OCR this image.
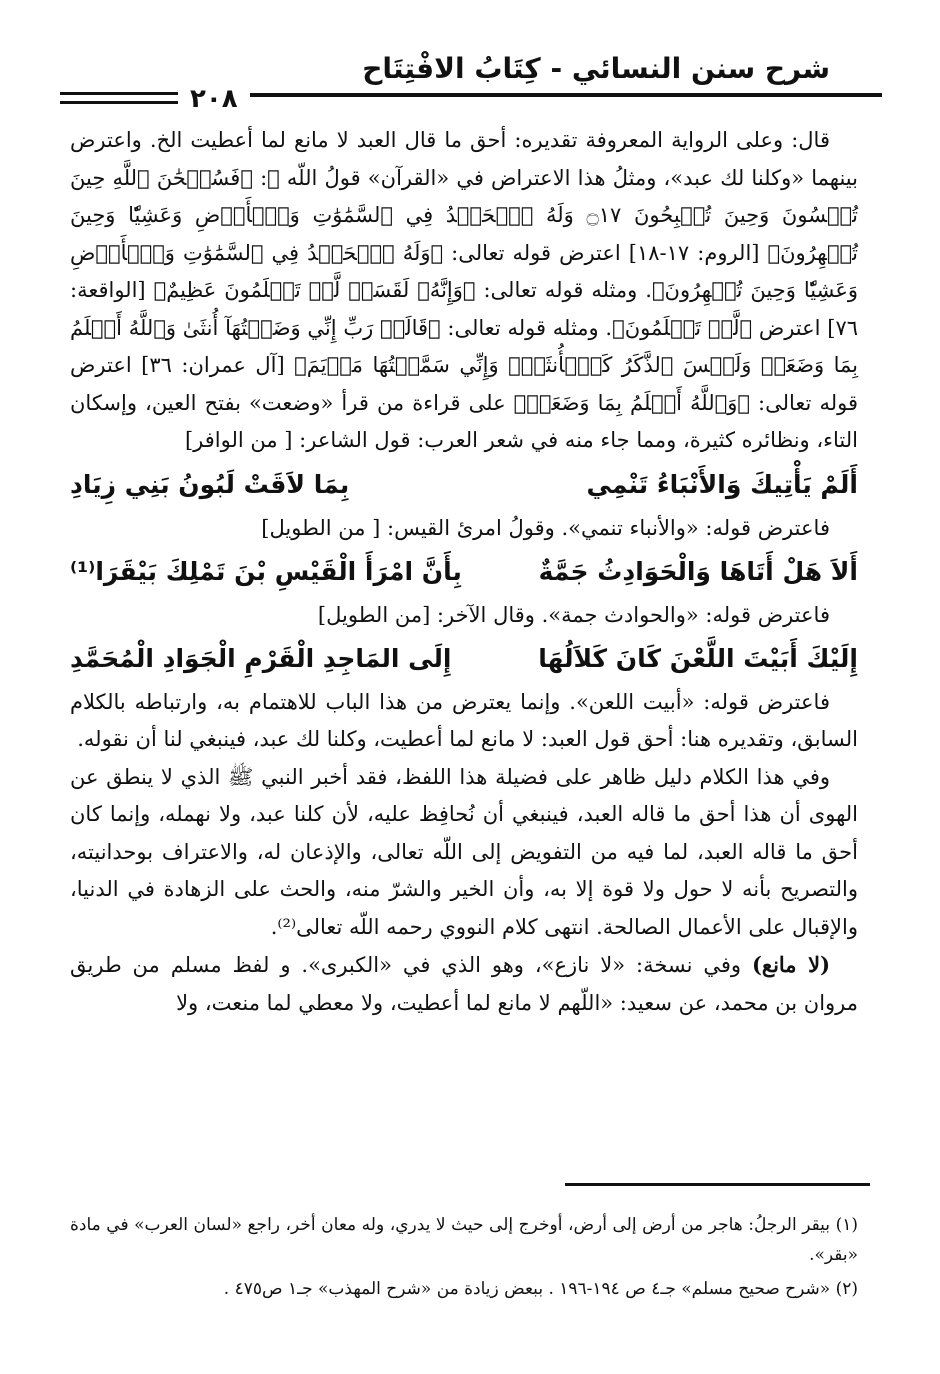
شرح سنن النسائي - كِتَابُ الافْتِتَاح
٢٠٨

قال: وعلى الرواية المعروفة تقديره: أحق ما قال العبد لا مانع لما أعطيت الخ. واعترض بينهما «وكلنا لك عبد»، ومثلُ هذا الاعتراض في «القرآن» قولُ اللّه ﷺ: ﴿فَسُبۡحَٰنَ ٱللَّهِ حِينَ تُمۡسُونَ وَحِينَ تُصۡبِحُونَ ۝١٧ وَلَهُ ٱلۡحَمۡدُ فِي ٱلسَّمَٰوَٰتِ وَٱلۡأَرۡضِ وَعَشِيّٗا وَحِينَ تُظۡهِرُونَ﴾ [الروم: ١٧-١٨] اعترض قوله تعالى: ﴿وَلَهُ ٱلۡحَمۡدُ فِي ٱلسَّمَٰوَٰتِ وَٱلۡأَرۡضِ وَعَشِيّٗا وَحِينَ تُظۡهِرُونَ﴾. ومثله قوله تعالى: ﴿وَإِنَّهُۥ لَقَسَمٞ لَّوۡ تَعۡلَمُونَ عَظِيمٌ﴾ [الواقعة: ٧٦] اعترض ﴿لَّوۡ تَعۡلَمُونَ﴾. ومثله قوله تعالى: ﴿قَالَتۡ رَبِّ إِنِّي وَضَعۡتُهَآ أُنثَىٰ وَٱللَّهُ أَعۡلَمُ بِمَا وَضَعَتۡ وَلَيۡسَ ٱلذَّكَرُ كَٱلۡأُنثَىٰۖ وَإِنِّي سَمَّيۡتُهَا مَرۡيَمَ﴾ [آل عمران: ٣٦] اعترض قوله تعالى: ﴿وَٱللَّهُ أَعۡلَمُ بِمَا وَضَعَتۡ﴾ على قراءة من قرأ «وضعت» بفتح العين، وإسكان التاء، ونظائره كثيرة، ومما جاء منه في شعر العرب: قول الشاعر: [ من الوافر]

أَلَمْ يَأْتِيكَ وَالأَنْبَاءُ تَنْمِي
بِمَا لاَقَتْ لَبُونُ بَنِي زِيَادِ

فاعترض قوله: «والأنباء تنمي». وقولُ امرئ القيس: [ من الطويل]

أَلاَ هَلْ أَتَاهَا وَالْحَوَادِثُ جَمَّةٌ
بِأَنَّ امْرَأَ الْقَيْسِ بْنَ تَمْلِكَ بَيْقَرَا⁽¹⁾

فاعترض قوله: «والحوادث جمة». وقال الآخر: [من الطويل]

إِلَيْكَ أَبَيْتَ اللَّعْنَ كَانَ كَلاَلُهَا
إِلَى المَاجِدِ الْقَرْمِ الْجَوَادِ الْمُحَمَّدِ

فاعترض قوله: «أبيت اللعن». وإنما يعترض من هذا الباب للاهتمام به، وارتباطه بالكلام السابق، وتقديره هنا: أحق قول العبد: لا مانع لما أعطيت، وكلنا لك عبد، فينبغي لنا أن نقوله.

وفي هذا الكلام دليل ظاهر على فضيلة هذا اللفظ، فقد أخبر النبي ﷺ الذي لا ينطق عن الهوى أن هذا أحق ما قاله العبد، فينبغي أن نُحافِظ عليه، لأن كلنا عبد، ولا نهمله، وإنما كان أحق ما قاله العبد، لما فيه من التفويض إلى اللّه تعالى، والإذعان له، والاعتراف بوحدانيته، والتصريح بأنه لا حول ولا قوة إلا به، وأن الخير والشرّ منه، والحث على الزهادة في الدنيا، والإقبال على الأعمال الصالحة. انتهى كلام النووي رحمه اللّه تعالى⁽²⁾.

(لا مانع) وفي نسخة: «لا نازع»، وهو الذي في «الكبرى». و لفظ مسلم من طريق مروان بن محمد، عن سعيد: «اللّهم لا مانع لما أعطيت، ولا معطي لما منعت، ولا

(١) بيقر الرجلُ: هاجر من أرض إلى أرض، أوخرج إلى حيث لا يدري، وله معان أخر، راجع «لسان العرب» في مادة «بقر».

(٢) «شرح صحيح مسلم» جـ٤ ص ١٩٤-١٩٦ . ببعض زيادة من «شرح المهذب» جـ١ ص٤٧٥ .
